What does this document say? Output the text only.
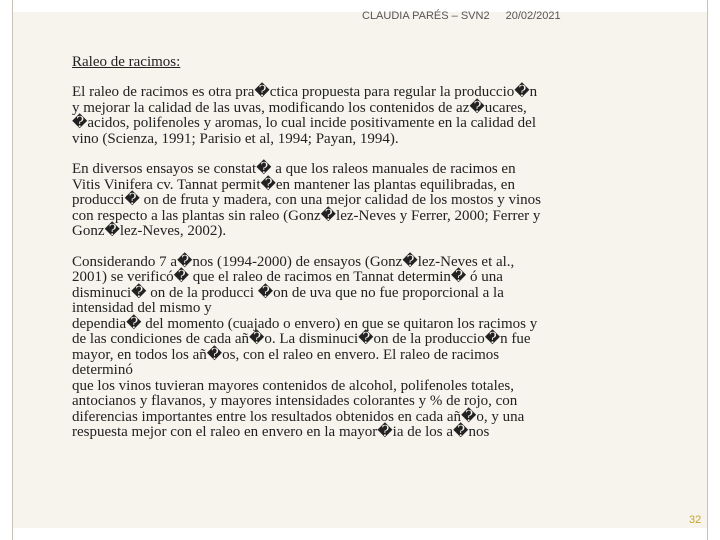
CLAUDIA PARÉS – SVN2 20/02/2021
Raleo de racimos:
El raleo de racimos es otra pra�ctica propuesta para regular la produccio�n
y mejorar la calidad de las uvas, modificando los contenidos de az�ucares,
�acidos, polifenoles y aromas, lo cual incide positivamente en la calidad del
vino (Scienza, 1991; Parisio et al, 1994; Payan, 1994).
En diversos ensayos se constat� a que los raleos manuales de racimos en
Vitis Vinifera cv. Tannat permit�en mantener las plantas equilibradas, en
producci� on de fruta y madera, con una mejor calidad de los mostos y vinos
con respecto a las plantas sin raleo (Gonz�lez-Neves y Ferrer, 2000; Ferrer y
Gonz�lez-Neves, 2002).
Considerando 7 a�nos (1994-2000) de ensayos (Gonz�lez-Neves et al.,
2001) se verificó� que el raleo de racimos en Tannat determin� ó una
disminuci� on de la producci �on de uva que no fue proporcional a la
intensidad del mismo y
dependia� del momento (cuajado o envero) en que se quitaron los racimos y
de las condiciones de cada añ�o. La disminuci�on de la produccio�n fue
mayor, en todos los añ�os, con el raleo en envero. El raleo de racimos
determinó
que los vinos tuvieran mayores contenidos de alcohol, polifenoles totales,
antocianos y flavanos, y mayores intensidades colorantes y % de rojo, con
diferencias importantes entre los resultados obtenidos en cada añ�o, y una
respuesta mejor con el raleo en envero en la mayor�ia de los a�nos
32
